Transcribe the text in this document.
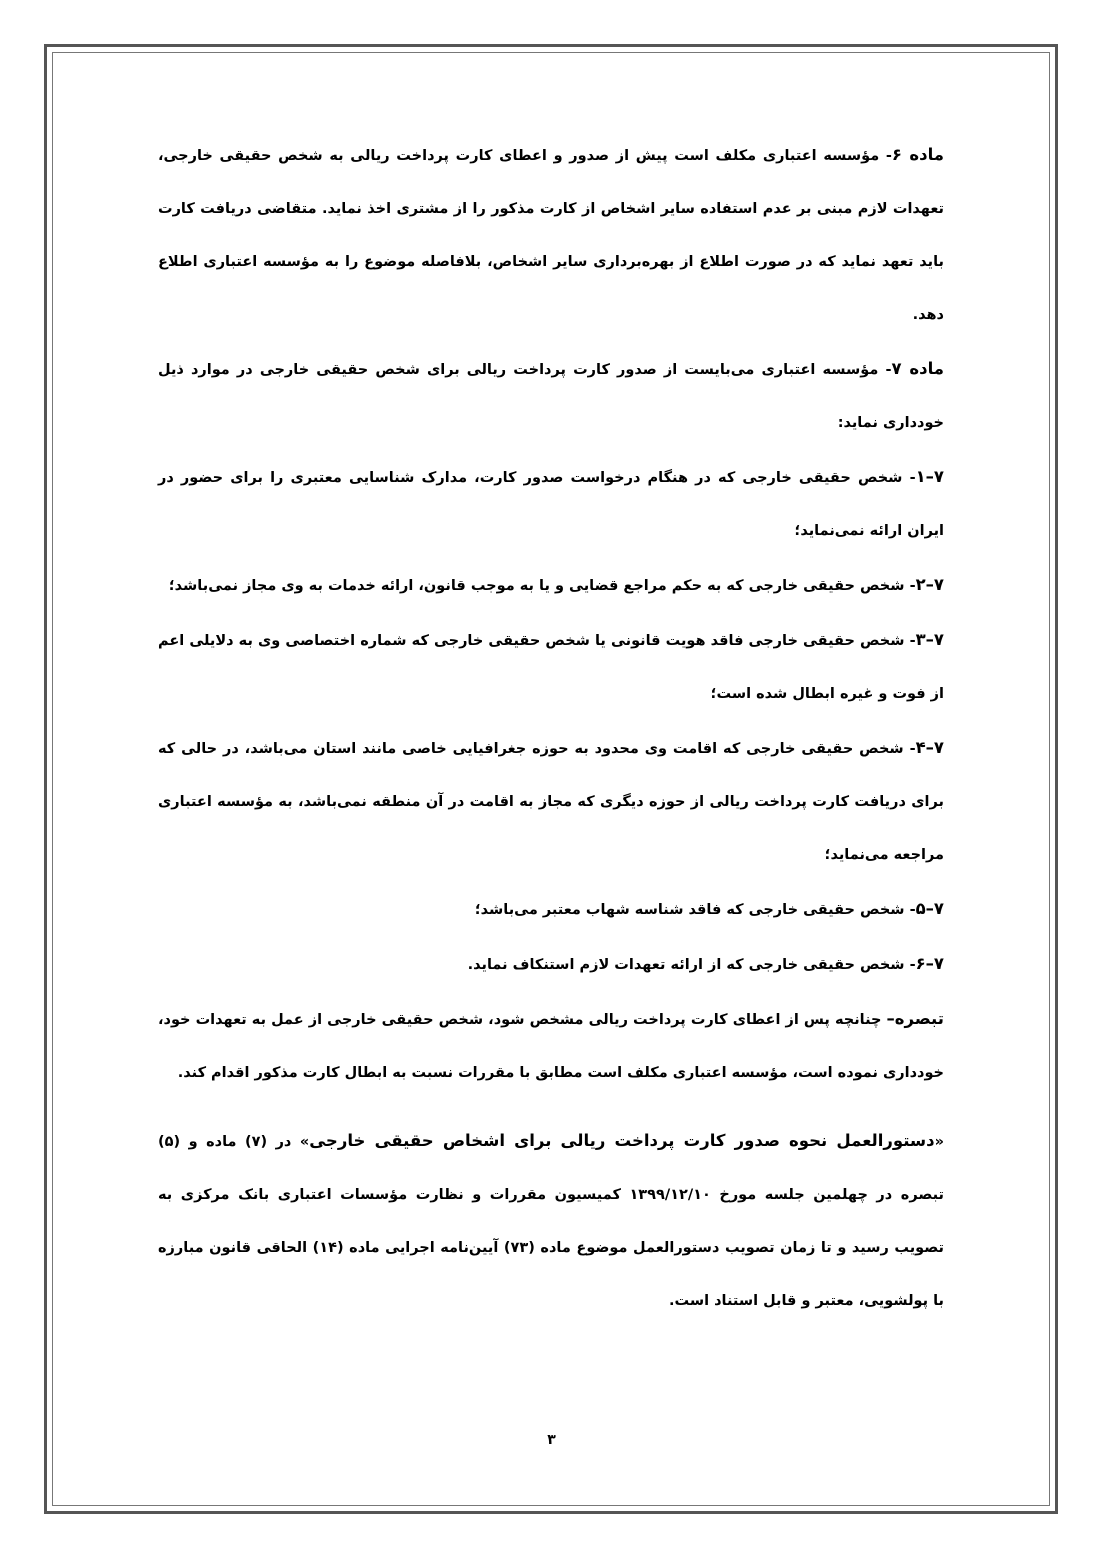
ماده ۶- مؤسسه اعتباری مکلف است پیش از صدور و اعطای کارت پرداخت ریالی به شخص حقیقی خارجی، تعهدات لازم مبنی بر عدم استفاده سایر اشخاص از کارت مذکور را از مشتری اخذ نماید. متقاضی دریافت کارت باید تعهد نماید که در صورت اطلاع از بهره‌برداری سایر اشخاص، بلافاصله موضوع را به مؤسسه اعتباری اطلاع دهد.

ماده ۷- مؤسسه اعتباری می‌بایست از صدور کارت پرداخت ریالی برای شخص حقیقی خارجی در موارد ذیل خودداری نماید:

۷–۱- شخص حقیقی خارجی که در هنگام درخواست صدور کارت، مدارک شناسایی معتبری را برای حضور در ایران ارائه نمی‌نماید؛

۷–۲- شخص حقیقی خارجی که به حکم مراجع قضایی و یا به موجب قانون، ارائه خدمات به وی مجاز نمی‌باشد؛

۷–۳- شخص حقیقی خارجی فاقد هویت قانونی یا شخص حقیقی خارجی که شماره اختصاصی وی به دلایلی اعم از فوت و غیره ابطال شده است؛

۷–۴- شخص حقیقی خارجی که اقامت وی محدود به حوزه جغرافیایی خاصی مانند استان می‌باشد، در حالی که برای دریافت کارت پرداخت ریالی از حوزه دیگری که مجاز به اقامت در آن منطقه نمی‌باشد، به مؤسسه اعتباری مراجعه می‌نماید؛

۷–۵- شخص حقیقی خارجی که فاقد شناسه شهاب معتبر می‌باشد؛

۷–۶- شخص حقیقی خارجی که از ارائه تعهدات لازم استنکاف نماید.

تبصره– چنانچه پس از اعطای کارت پرداخت ریالی مشخص شود، شخص حقیقی خارجی از عمل به تعهدات خود، خودداری نموده است، مؤسسه اعتباری مکلف است مطابق با مقررات نسبت به ابطال کارت مذکور اقدام کند.

«دستورالعمل نحوه صدور کارت پرداخت ریالی برای اشخاص حقیقی خارجی» در (۷) ماده و (۵) تبصره در چهلمین جلسه مورخ ۱۳۹۹/۱۲/۱۰ کمیسیون مقررات و نظارت مؤسسات اعتباری بانک مرکزی به تصویب رسید و تا زمان تصویب دستورالعمل موضوع ماده (۷۳) آیین‌نامه اجرایی ماده (۱۴) الحاقی قانون مبارزه با پولشویی، معتبر و قابل استناد است.

۳
